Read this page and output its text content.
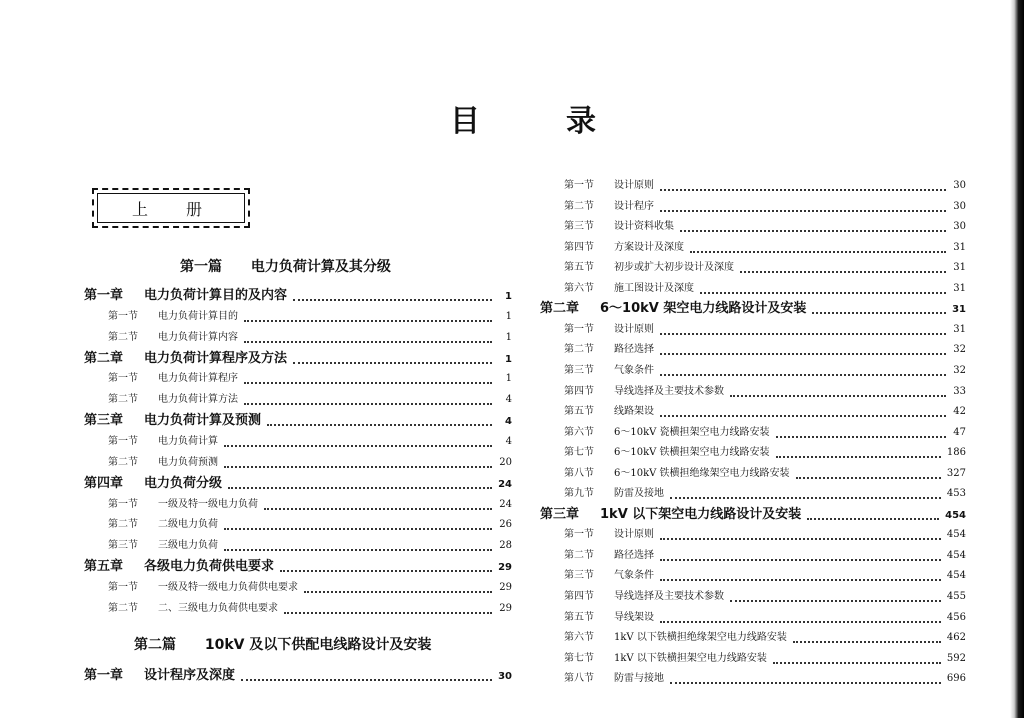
目	录
上册
第一篇 电力负荷计算及其分级
第二篇 10kV 及以下供配电线路设计及安装
第一章 电力负荷计算目的及内容	1
第一节 电力负荷计算目的	1
第二节 电力负荷计算内容	1
第二章 电力负荷计算程序及方法	1
第一节 电力负荷计算程序	1
第二节 电力负荷计算方法	4
第三章 电力负荷计算及预测	4
第一节 电力负荷计算	4
第二节 电力负荷预测	20
第四章 电力负荷分级	24
第一节 一级及特一级电力负荷	24
第二节 二级电力负荷	26
第三节 三级电力负荷	28
第五章 各级电力负荷供电要求	29
第一节 一级及特一级电力负荷供电要求	29
第二节 二、三级电力负荷供电要求	29
第一章 设计程序及深度	30
第一节 设计原则	30
第二节 设计程序	30
第三节 设计资料收集	30
第四节 方案设计及深度	31
第五节 初步或扩大初步设计及深度	31
第六节 施工图设计及深度	31
第二章 6～10kV 架空电力线路设计及安装	31
第一节 设计原则	31
第二节 路径选择	32
第三节 气象条件	32
第四节 导线选择及主要技术参数	33
第五节 线路架设	42
第六节 6～10kV 瓷横担架空电力线路安装	47
第七节 6～10kV 铁横担架空电力线路安装	186
第八节 6～10kV 铁横担绝缘架空电力线路安装	327
第九节 防雷及接地	453
第三章 1kV 以下架空电力线路设计及安装	454
第一节 设计原则	454
第二节 路径选择	454
第三节 气象条件	454
第四节 导线选择及主要技术参数	455
第五节 导线架设	456
第六节 1kV 以下铁横担绝缘架空电力线路安装	462
第七节 1kV 以下铁横担架空电力线路安装	592
第八节 防雷与接地	696
